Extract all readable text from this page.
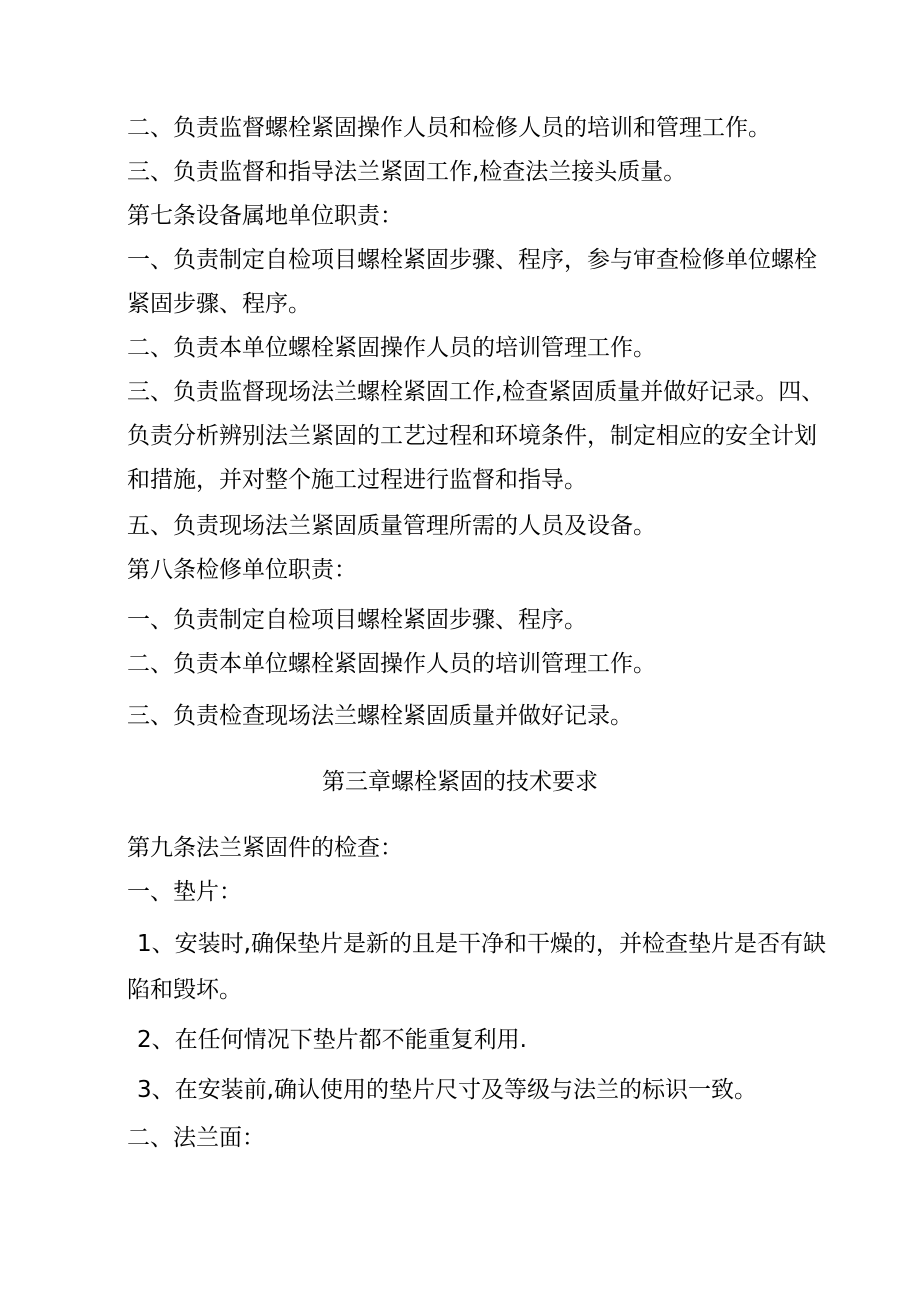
二、负责监督螺栓紧固操作人员和检修人员的培训和管理工作。
三、负责监督和指导法兰紧固工作,检查法兰接头质量。
第七条设备属地单位职责：
一、负责制定自检项目螺栓紧固步骤、程序，参与审查检修单位螺栓
紧固步骤、程序。
二、负责本单位螺栓紧固操作人员的培训管理工作。
三、负责监督现场法兰螺栓紧固工作,检查紧固质量并做好记录。四、
负责分析辨别法兰紧固的工艺过程和环境条件，制定相应的安全计划
和措施，并对整个施工过程进行监督和指导。
五、负责现场法兰紧固质量管理所需的人员及设备。
第八条检修单位职责：
一、负责制定自检项目螺栓紧固步骤、程序。
二、负责本单位螺栓紧固操作人员的培训管理工作。
三、负责检查现场法兰螺栓紧固质量并做好记录。
第三章螺栓紧固的技术要求
第九条法兰紧固件的检查：
一、垫片：
1、安装时,确保垫片是新的且是干净和干燥的，并检查垫片是否有缺
陷和毁坏。
2、在任何情况下垫片都不能重复利用.
3、在安装前,确认使用的垫片尺寸及等级与法兰的标识一致。
二、法兰面：
